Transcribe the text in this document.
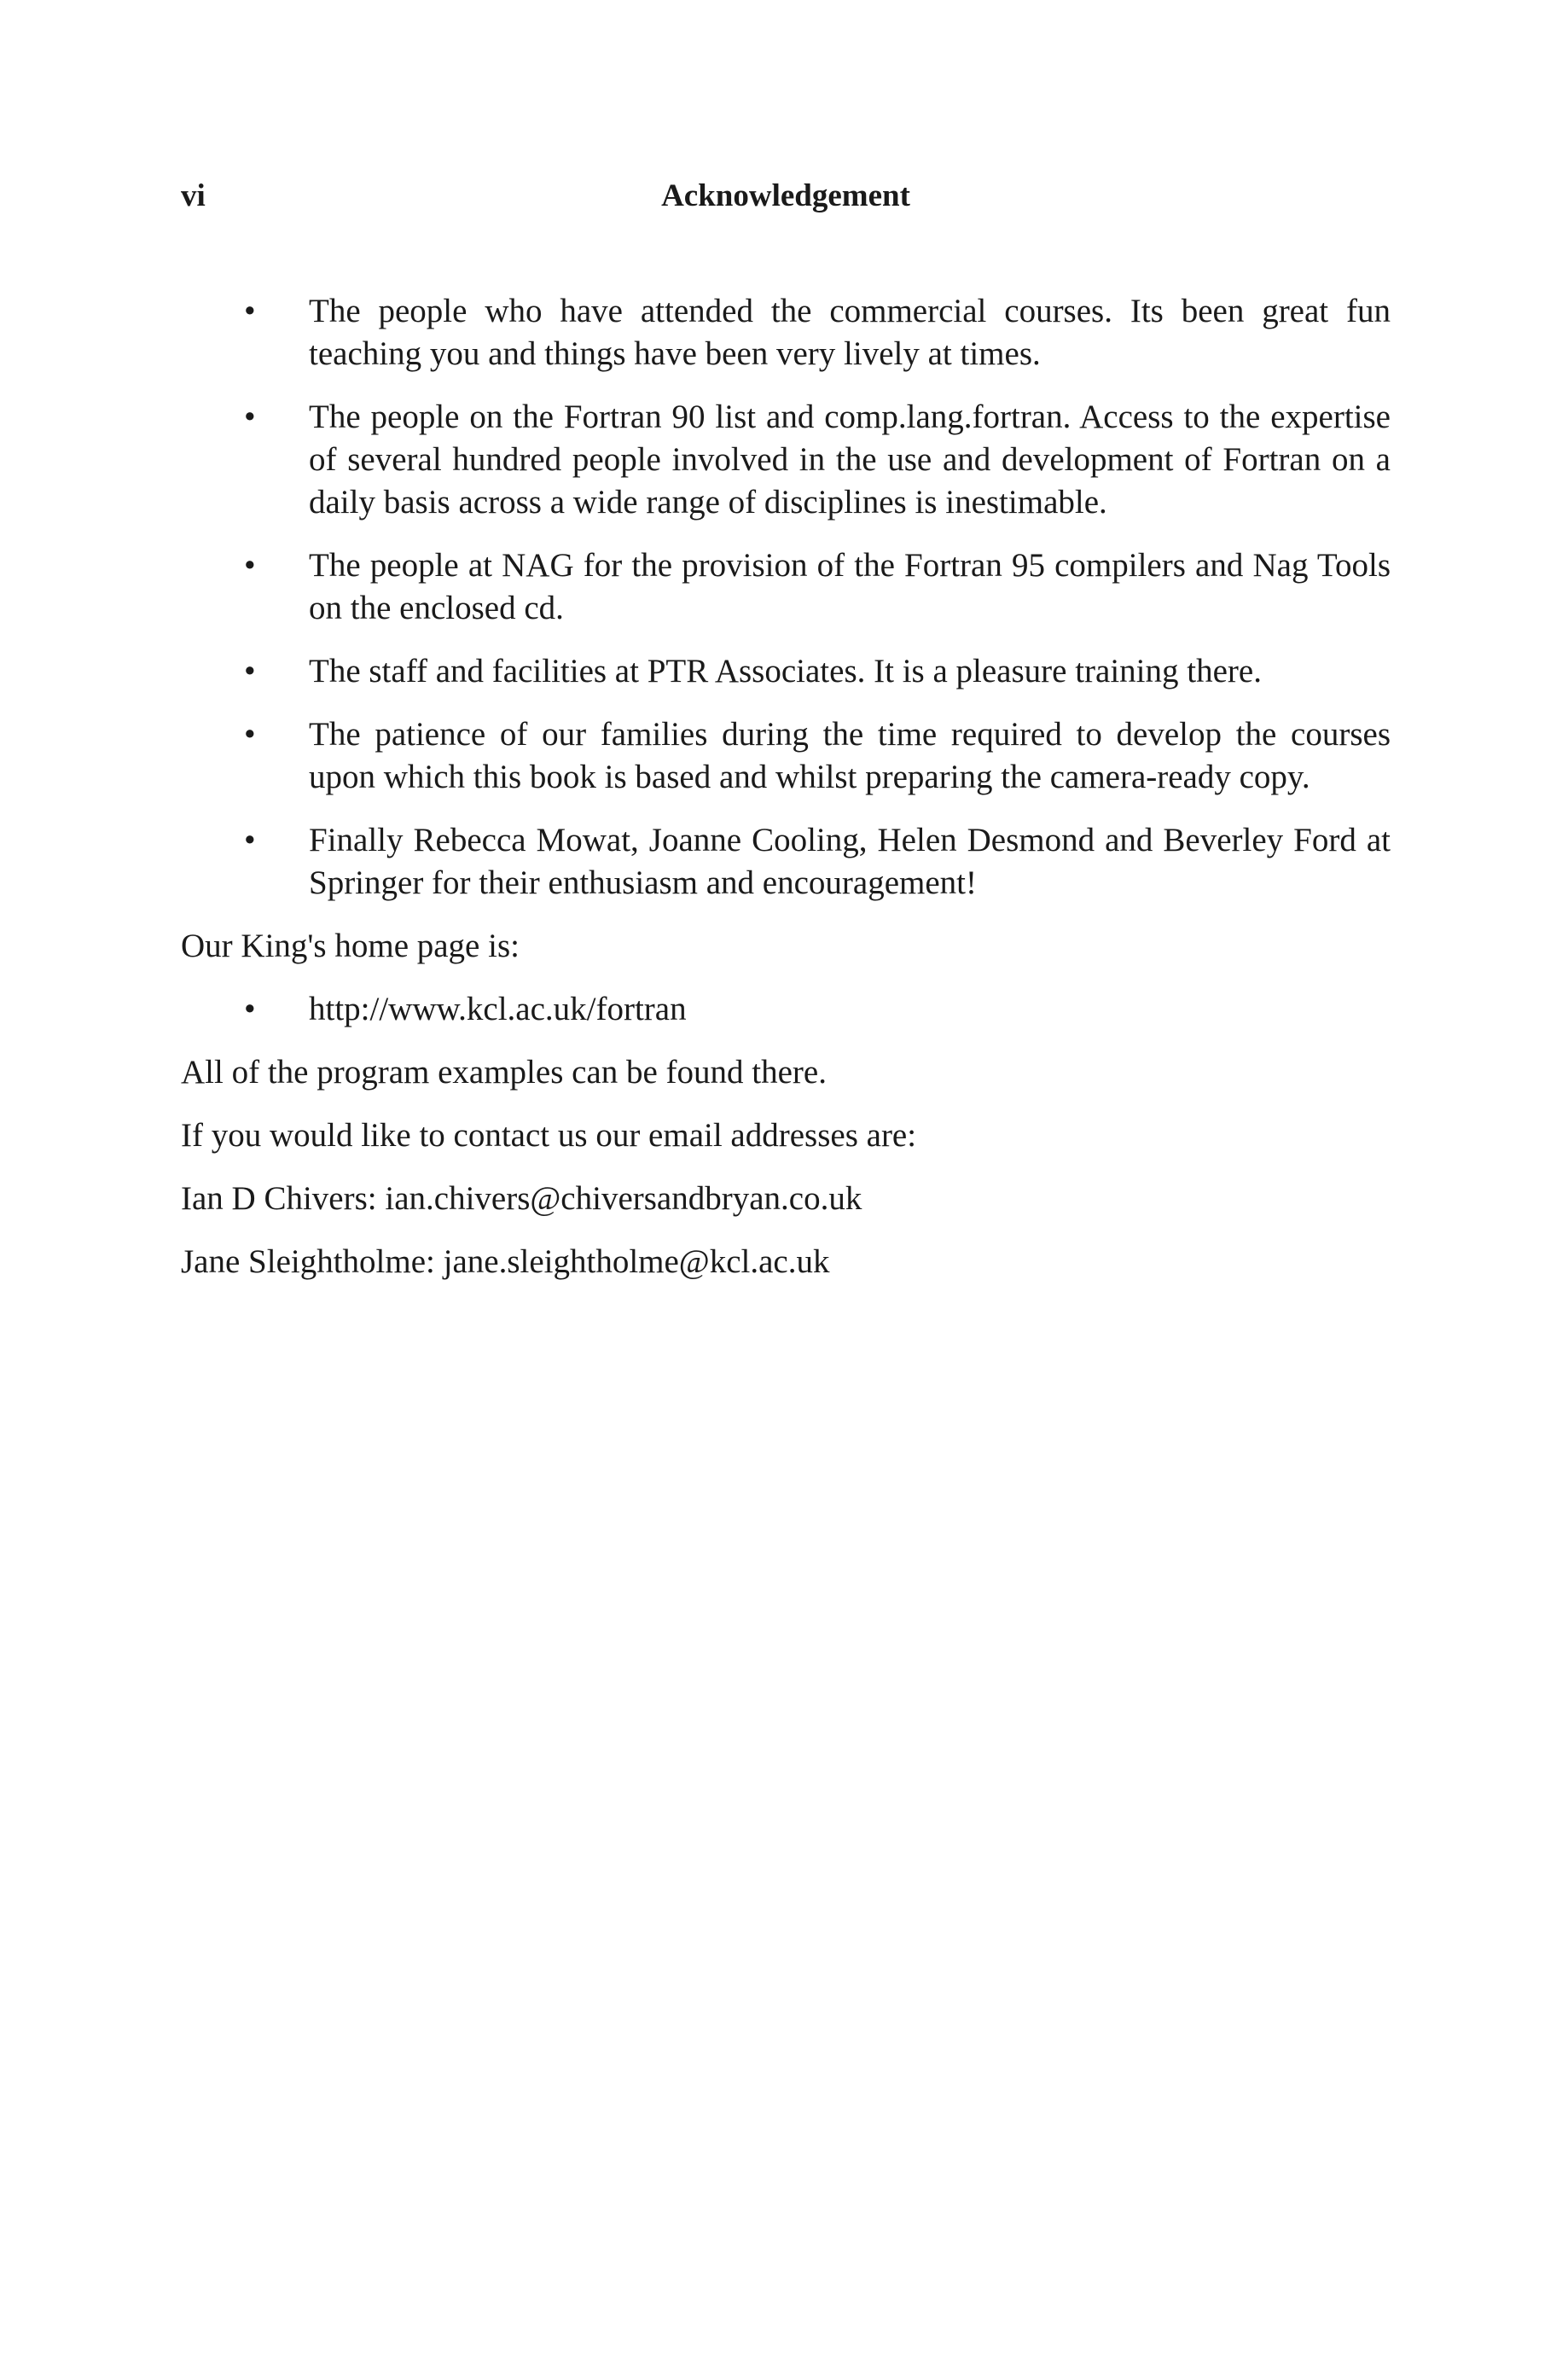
vi	Acknowledgement
• The people who have attended the commercial courses. Its been great fun teaching you and things have been very lively at times.
• The people on the Fortran 90 list and comp.lang.fortran. Access to the expertise of several hundred people involved in the use and development of Fortran on a daily basis across a wide range of disciplines is inestimable.
• The people at NAG for the provision of the Fortran 95 compilers and Nag Tools on the enclosed cd.
• The staff and facilities at PTR Associates. It is a pleasure training there.
• The patience of our families during the time required to develop the courses upon which this book is based and whilst preparing the camera-ready copy.
• Finally Rebecca Mowat, Joanne Cooling, Helen Desmond and Beverley Ford at Springer for their enthusiasm and encouragement!

Our King's home page is:

• http://www.kcl.ac.uk/fortran

All of the program examples can be found there.

If you would like to contact us our email addresses are:

Ian D Chivers: ian.chivers@chiversandbryan.co.uk

Jane Sleightholme: jane.sleightholme@kcl.ac.uk
